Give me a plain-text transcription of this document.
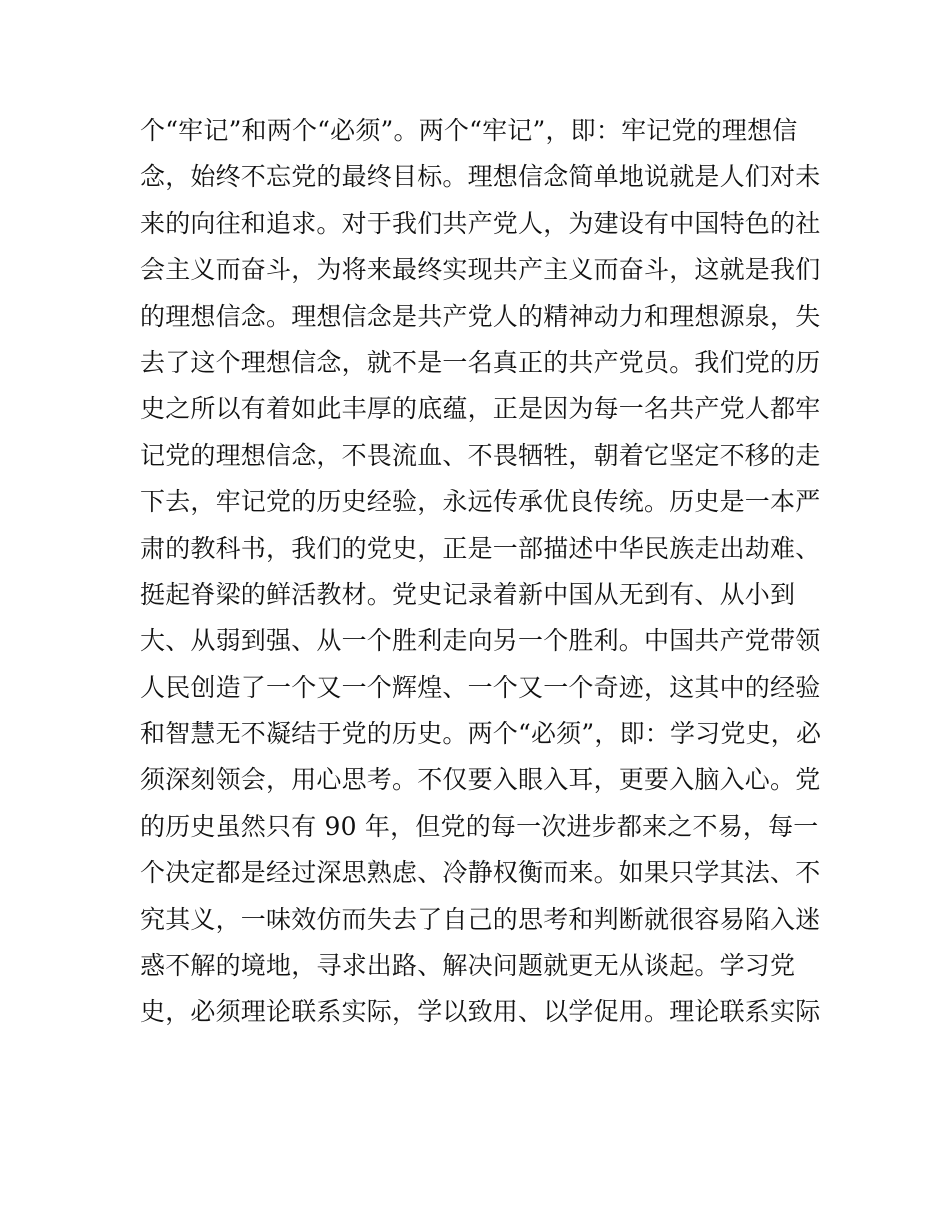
个“牢记”和两个“必须”。两个“牢记”，即：牢记党的理想信
念，始终不忘党的最终目标。理想信念简单地说就是人们对未
来的向往和追求。对于我们共产党人，为建设有中国特色的社
会主义而奋斗，为将来最终实现共产主义而奋斗，这就是我们
的理想信念。理想信念是共产党人的精神动力和理想源泉，失
去了这个理想信念，就不是一名真正的共产党员。我们党的历
史之所以有着如此丰厚的底蕴，正是因为每一名共产党人都牢
记党的理想信念，不畏流血、不畏牺牲，朝着它坚定不移的走
下去，牢记党的历史经验，永远传承优良传统。历史是一本严
肃的教科书，我们的党史，正是一部描述中华民族走出劫难、
挺起脊梁的鲜活教材。党史记录着新中国从无到有、从小到
大、从弱到强、从一个胜利走向另一个胜利。中国共产党带领
人民创造了一个又一个辉煌、一个又一个奇迹，这其中的经验
和智慧无不凝结于党的历史。两个“必须”，即：学习党史，必
须深刻领会，用心思考。不仅要入眼入耳，更要入脑入心。党
的历史虽然只有 90 年，但党的每一次进步都来之不易，每一
个决定都是经过深思熟虑、冷静权衡而来。如果只学其法、不
究其义，一味效仿而失去了自己的思考和判断就很容易陷入迷
惑不解的境地，寻求出路、解决问题就更无从谈起。学习党
史，必须理论联系实际，学以致用、以学促用。理论联系实际
